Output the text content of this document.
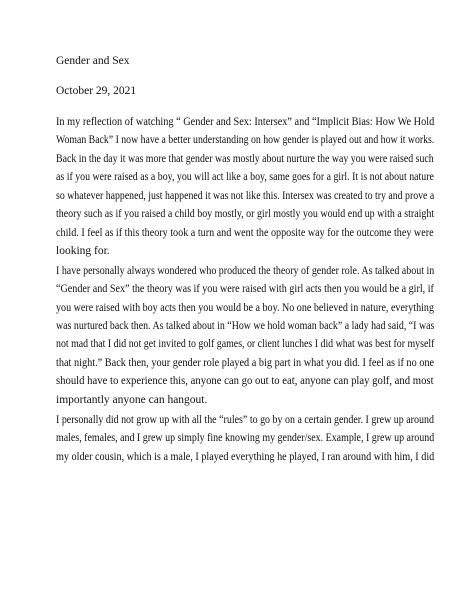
Gender and Sex
October 29, 2021
In my reflection of watching “ Gender and Sex: Intersex” and “Implicit Bias: How We Hold
Woman Back” I now have a better understanding on how gender is played out and how it works.
Back in the day it was more that gender was mostly about nurture the way you were raised such
as if you were raised as a boy, you will act like a boy, same goes for a girl. It is not about nature
so whatever happened, just happened it was not like this. Intersex was created to try and prove a
theory such as if you raised a child boy mostly, or girl mostly you would end up with a straight
child. I feel as if this theory took a turn and went the opposite way for the outcome they were
looking for.
I have personally always wondered who produced the theory of gender role. As talked about in
“Gender and Sex” the theory was if you were raised with girl acts then you would be a girl, if
you were raised with boy acts then you would be a boy. No one believed in nature, everything
was nurtured back then. As talked about in “How we hold woman back” a lady had said, “I was
not mad that I did not get invited to golf games, or client lunches I did what was best for myself
that night.” Back then, your gender role played a big part in what you did. I feel as if no one
should have to experience this, anyone can go out to eat, anyone can play golf, and most
importantly anyone can hangout.
I personally did not grow up with all the “rules” to go by on a certain gender. I grew up around
males, females, and I grew up simply fine knowing my gender/sex. Example, I grew up around
my older cousin, which is a male, I played everything he played, I ran around with him, I did
